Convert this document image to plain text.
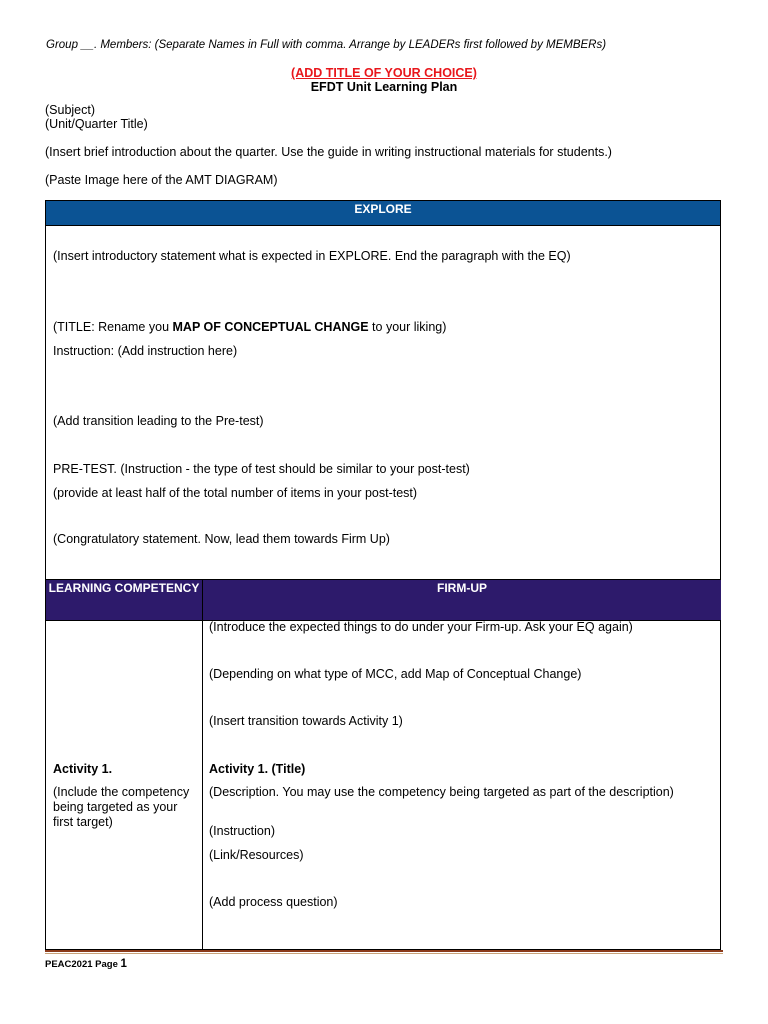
Group __. Members: (Separate Names in Full with comma. Arrange by LEADERs first followed by MEMBERs)
(ADD TITLE OF YOUR CHOICE)
EFDT Unit Learning Plan
(Subject)
(Unit/Quarter Title)
(Insert brief introduction about the quarter. Use the guide in writing instructional materials for students.)
(Paste Image here of the AMT DIAGRAM)
EXPLORE
(Insert introductory statement what is expected in EXPLORE. End the paragraph with the EQ)
(TITLE: Rename you MAP OF CONCEPTUAL CHANGE to your liking)
Instruction: (Add instruction here)
(Add transition leading to the Pre-test)
PRE-TEST. (Instruction - the type of test should be similar to your post-test)
(provide at least half of the total number of items in your post-test)
(Congratulatory statement. Now, lead them towards Firm Up)
LEARNING COMPETENCY	FIRM-UP
(Introduce the expected things to do under your Firm-up. Ask your EQ again)
(Depending on what type of MCC, add Map of Conceptual Change)
(Insert transition towards Activity 1)
Activity 1.
(Include the competency being targeted as your first target)
Activity 1. (Title)
(Description. You may use the competency being targeted as part of the description)
(Instruction)
(Link/Resources)
(Add process question)
PEAC2021 Page 1
